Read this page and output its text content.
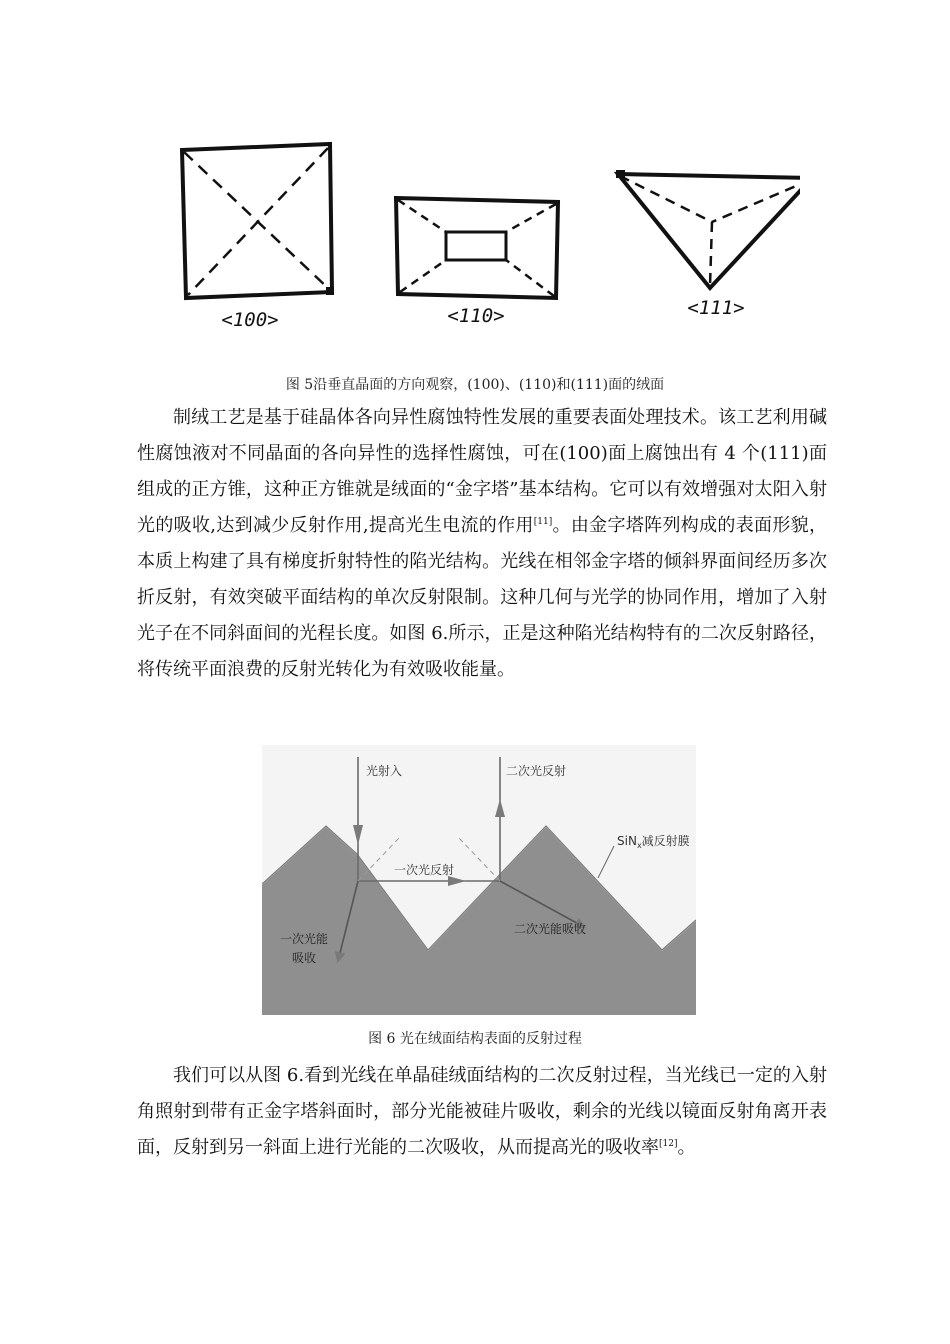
<100>	<110>	<111>
图 5沿垂直晶面的方向观察，(100)、(110)和(111)面的绒面

制绒工艺是基于硅晶体各向异性腐蚀特性发展的重要表面处理技术。该工艺利用碱性腐蚀液对不同晶面的各向异性的选择性腐蚀，可在(100)面上腐蚀出有 4 个(111)面组成的正方锥，这种正方锥就是绒面的“金字塔”基本结构。它可以有效增强对太阳入射光的吸收,达到减少反射作用,提高光生电流的作用[11]。由金字塔阵列构成的表面形貌，本质上构建了具有梯度折射特性的陷光结构。光线在相邻金字塔的倾斜界面间经历多次折反射，有效突破平面结构的单次反射限制。这种几何与光学的协同作用，增加了入射光子在不同斜面间的光程长度。如图 6.所示，正是这种陷光结构特有的二次反射路径，将传统平面浪费的反射光转化为有效吸收能量。

光射入	二次光反射
一次光反射
SiN$_x$减反射膜
一次光能
吸收
二次光能吸收
图 6 光在绒面结构表面的反射过程

我们可以从图 6.看到光线在单晶硅绒面结构的二次反射过程，当光线已一定的入射角照射到带有正金字塔斜面时，部分光能被硅片吸收，剩余的光线以镜面反射角离开表面，反射到另一斜面上进行光能的二次吸收，从而提高光的吸收率[12]。
